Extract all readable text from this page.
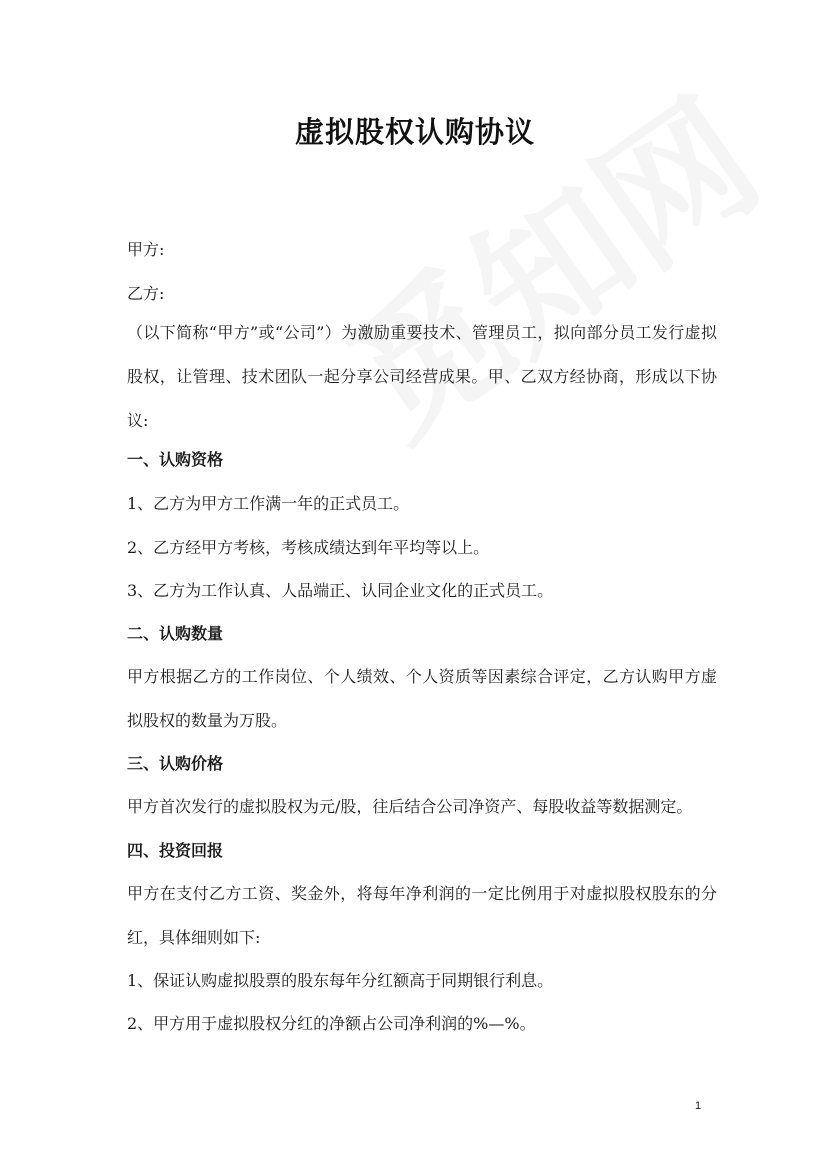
虚拟股权认购协议
甲方:
乙方:
（以下简称“甲方”或“公司”）为激励重要技术、管理员工，拟向部分员工发行虚拟股权，让管理、技术团队一起分享公司经营成果。甲、乙双方经协商，形成以下协议:
一、认购资格
1、乙方为甲方工作满一年的正式员工。
2、乙方经甲方考核，考核成绩达到年平均等以上。
3、乙方为工作认真、人品端正、认同企业文化的正式员工。
二、认购数量
甲方根据乙方的工作岗位、个人绩效、个人资质等因素综合评定，乙方认购甲方虚拟股权的数量为万股。
三、认购价格
甲方首次发行的虚拟股权为元/股，往后结合公司净资产、每股收益等数据测定。
四、投资回报
甲方在支付乙方工资、奖金外，将每年净利润的一定比例用于对虚拟股权股东的分红，具体细则如下:
1、保证认购虚拟股票的股东每年分红额高于同期银行利息。
2、甲方用于虚拟股权分红的净额占公司净利润的%—%。
1
